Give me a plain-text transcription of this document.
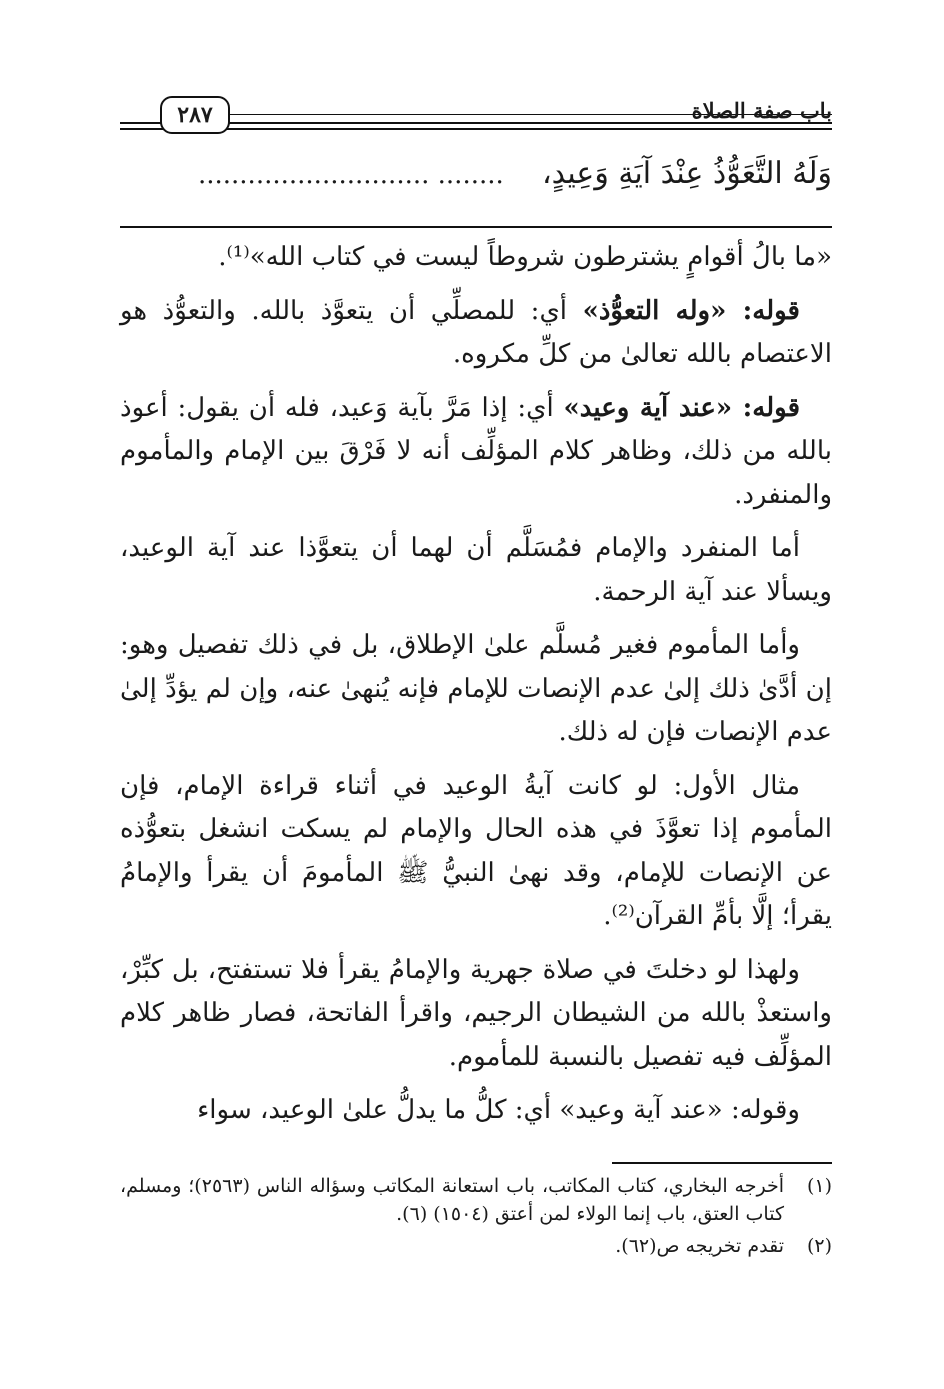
باب صفة الصلاة
٢٨٧
وَلَهُ التَّعَوُّذُ عِنْدَ آيَةِ وَعِيدٍ،    ........ ............................

«ما بالُ أقوامٍ يشترطون شروطاً ليست في كتاب الله»⁽¹⁾.

قوله: «وله التعوُّذ» أي: للمصلِّي أن يتعوَّذ بالله. والتعوُّذ هو الاعتصام بالله تعالىٰ من كلِّ مكروه.

قوله: «عند آية وعيد» أي: إذا مَرَّ بآية وَعيد، فله أن يقول: أعوذ بالله من ذلك، وظاهر كلام المؤلِّف أنه لا فَرْقَ بين الإمام والمأموم والمنفرد.

أما المنفرد والإمام فمُسَلَّم أن لهما أن يتعوَّذا عند آية الوعيد، ويسألا عند آية الرحمة.

وأما المأموم فغير مُسلَّم علىٰ الإطلاق، بل في ذلك تفصيل وهو: إن أدَّىٰ ذلك إلىٰ عدم الإنصات للإمام فإنه يُنهىٰ عنه، وإن لم يؤدِّ إلىٰ عدم الإنصات فإن له ذلك.

مثال الأول: لو كانت آيةُ الوعيد في أثناء قراءة الإمام، فإن المأموم إذا تعوَّذَ في هذه الحال والإمام لم يسكت انشغل بتعوُّذه عن الإنصات للإمام، وقد نهىٰ النبيُّ ﷺ المأمومَ أن يقرأ والإمامُ يقرأ؛ إلَّا بأمِّ القرآن⁽²⁾.

ولهذا لو دخلتَ في صلاة جهرية والإمامُ يقرأ فلا تستفتح، بل كبِّرْ، واستعذْ بالله من الشيطان الرجيم، واقرأ الفاتحة، فصار ظاهر كلام المؤلِّف فيه تفصيل بالنسبة للمأموم.

وقوله: «عند آية وعيد» أي: كلُّ ما يدلُّ علىٰ الوعيد، سواء

(١)
أخرجه البخاري، كتاب المكاتب، باب استعانة المكاتب وسؤاله الناس (٢٥٦٣)؛ ومسلم، كتاب العتق، باب إنما الولاء لمن أعتق (١٥٠٤) (٦).
(٢)
تقدم تخريجه ص(٦٢).
